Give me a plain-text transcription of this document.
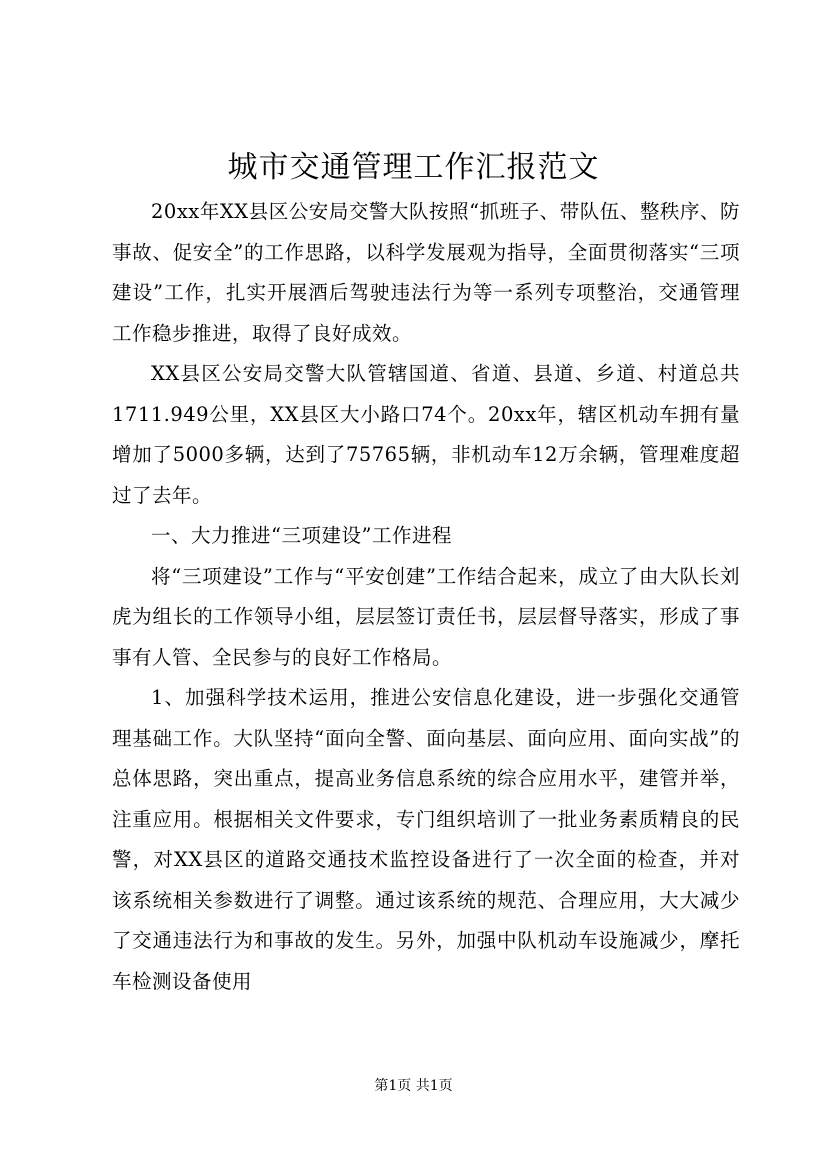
城市交通管理工作汇报范文

20xx年XX县区公安局交警大队按照“抓班子、带队伍、整秩序、防事故、促安全”的工作思路，以科学发展观为指导，全面贯彻落实“三项建设”工作，扎实开展酒后驾驶违法行为等一系列专项整治，交通管理工作稳步推进，取得了良好成效。

XX县区公安局交警大队管辖国道、省道、县道、乡道、村道总共1711.949公里，XX县区大小路口74个。20xx年，辖区机动车拥有量增加了5000多辆，达到了75765辆，非机动车12万余辆，管理难度超过了去年。

一、大力推进“三项建设”工作进程

将“三项建设”工作与“平安创建”工作结合起来，成立了由大队长刘虎为组长的工作领导小组，层层签订责任书，层层督导落实，形成了事事有人管、全民参与的良好工作格局。

1、加强科学技术运用，推进公安信息化建设，进一步强化交通管理基础工作。大队坚持“面向全警、面向基层、面向应用、面向实战”的总体思路，突出重点，提高业务信息系统的综合应用水平，建管并举，注重应用。根据相关文件要求，专门组织培训了一批业务素质精良的民警，对XX县区的道路交通技术监控设备进行了一次全面的检查，并对该系统相关参数进行了调整。通过该系统的规范、合理应用，大大减少了交通违法行为和事故的发生。另外，加强中队机动车设施减少，摩托车检测设备使用

第1页 共1页
